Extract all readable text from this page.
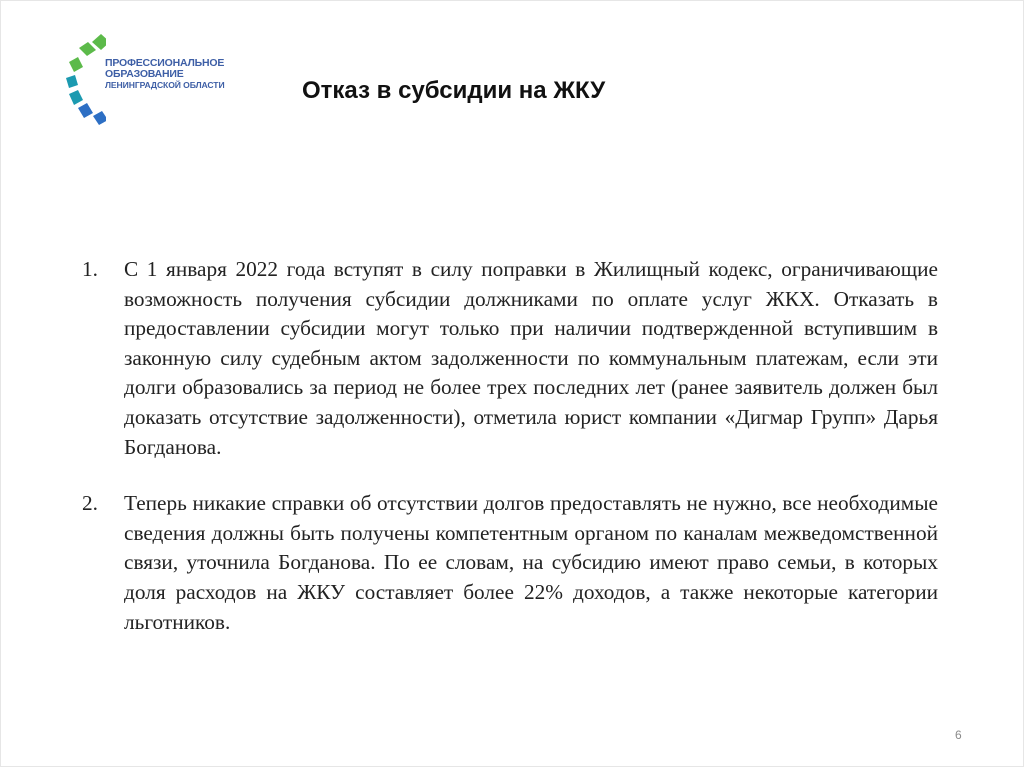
ПРОФЕССИОНАЛЬНОЕ
ОБРАЗОВАНИЕ
ЛЕНИНГРАДСКОЙ ОБЛАСТИ	Отказ в субсидии на ЖКУ

1. С 1 января 2022 года вступят в силу поправки в Жилищный кодекс, ограничивающие возможность получения субсидии должниками по оплате услуг ЖКХ. Отказать в предоставлении субсидии могут только при наличии подтвержденной вступившим в законную силу судебным актом задолженности по коммунальным платежам, если эти долги образовались за период не более трех последних лет (ранее заявитель должен был доказать отсутствие задолженности), отметила юрист компании «Дигмар Групп» Дарья Богданова.

2. Теперь никакие справки об отсутствии долгов предоставлять не нужно, все необходимые сведения должны быть получены компетентным органом по каналам межведомственной связи, уточнила Богданова. По ее словам, на субсидию имеют право семьи, в которых доля расходов на ЖКУ составляет более 22% доходов, а также некоторые категории льготников.

6
